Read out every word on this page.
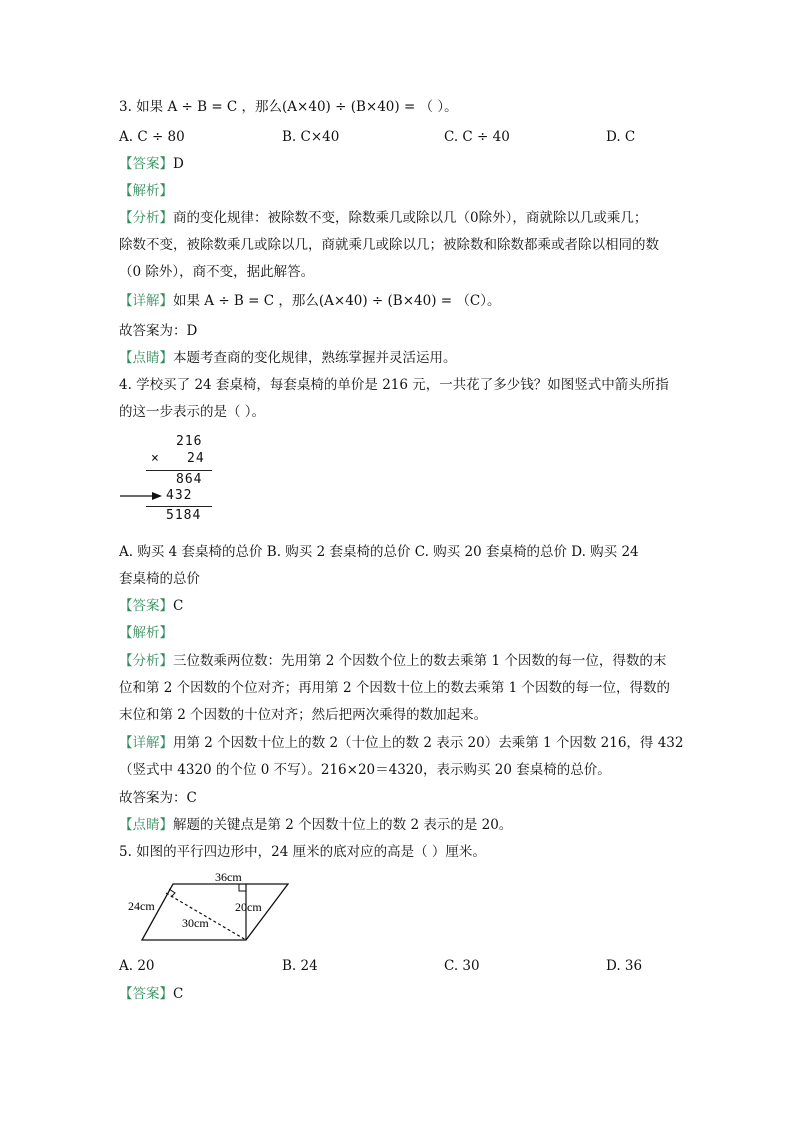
3. 如果 A ÷ B = C ，那么(A×40) ÷ (B×40) = （ ）。
A. C ÷ 80	B. C×40	C. C ÷ 40	D. C
【答案】D
【解析】
【分析】商的变化规律：被除数不变，除数乘几或除以几（0除外），商就除以几或乘几；
除数不变，被除数乘几或除以几，商就乘几或除以几；被除数和除数都乘或者除以相同的数
（0 除外），商不变，据此解答。
【详解】如果 A ÷ B = C ，那么(A×40) ÷ (B×40) = （C）。
故答案为：D
【点睛】本题考查商的变化规律，熟练掌握并灵活运用。
4. 学校买了 24 套桌椅，每套桌椅的单价是 216 元，一共花了多少钱？如图竖式中箭头所指
的这一步表示的是（ ）。
216
× 24
864
432
5184
A. 购买 4 套桌椅的总价 B. 购买 2 套桌椅的总价 C. 购买 20 套桌椅的总价 D. 购买 24
套桌椅的总价
【答案】C
【解析】
【分析】三位数乘两位数：先用第 2 个因数个位上的数去乘第 1 个因数的每一位，得数的末
位和第 2 个因数的个位对齐；再用第 2 个因数十位上的数去乘第 1 个因数的每一位，得数的
末位和第 2 个因数的十位对齐；然后把两次乘得的数加起来。
【详解】用第 2 个因数十位上的数 2（十位上的数 2 表示 20）去乘第 1 个因数 216，得 432
（竖式中 4320 的个位 0 不写）。216×20＝4320，表示购买 20 套桌椅的总价。
故答案为：C
【点睛】解题的关键点是第 2 个因数十位上的数 2 表示的是 20。
5. 如图的平行四边形中，24 厘米的底对应的高是（ ）厘米。
36cm
24cm
30cm
20cm
A. 20	B. 24	C. 30	D. 36
【答案】C
